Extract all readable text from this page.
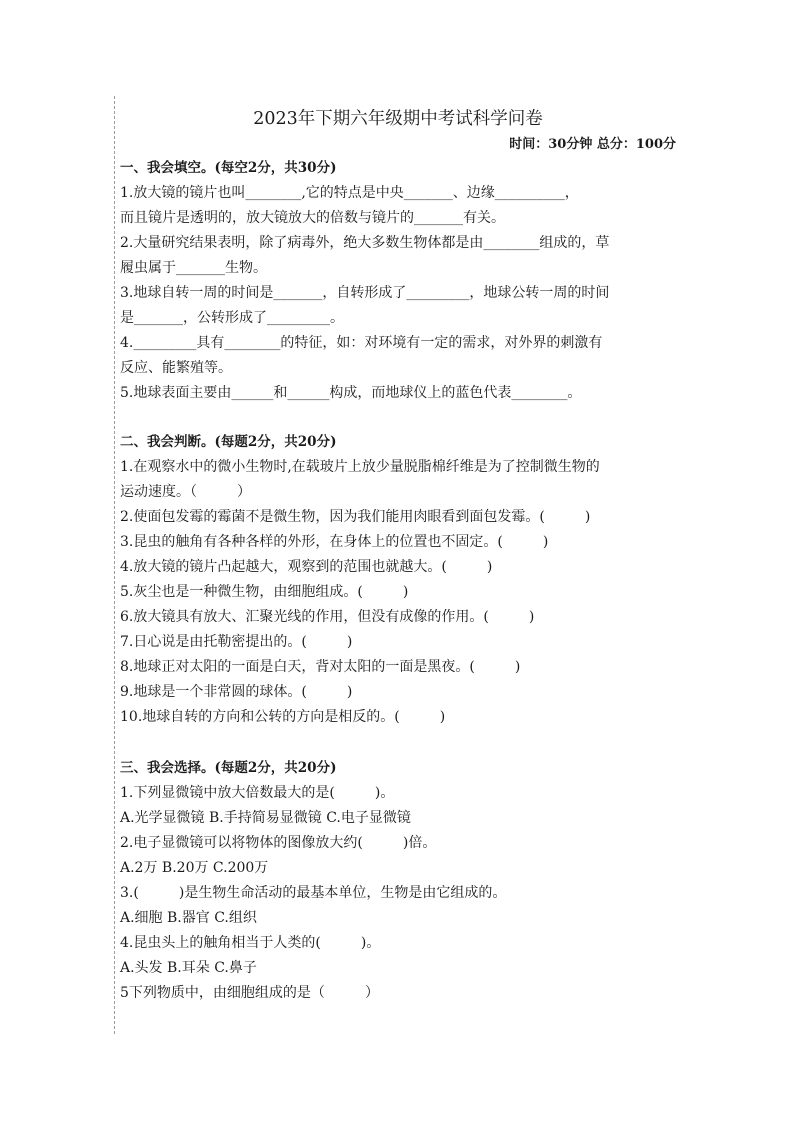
2023年下期六年级期中考试科学问卷
时间：30分钟 总分：100分
一、我会填空。(每空2分，共30分)

1.放大镜的镜片也叫________,它的特点是中央_______、边缘__________，

而且镜片是透明的，放大镜放大的倍数与镜片的_______有关。

2.大量研究结果表明，除了病毒外，绝大多数生物体都是由________组成的，草

履虫属于_______生物。

3.地球自转一周的时间是_______，自转形成了_________，地球公转一周的时间

是_______，公转形成了_________。

4._________具有________的特征，如：对环境有一定的需求，对外界的刺激有

反应、能繁殖等。

5.地球表面主要由______和______构成，而地球仪上的蓝色代表________。

二、我会判断。(每题2分，共20分)

1.在观察水中的微小生物时,在载玻片上放少量脱脂棉纤维是为了控制微生物的

运动速度。（         ）

2.使面包发霉的霉菌不是微生物，因为我们能用肉眼看到面包发霉。(         )

3.昆虫的触角有各种各样的外形，在身体上的位置也不固定。(         )

4.放大镜的镜片凸起越大，观察到的范围也就越大。(         )

5.灰尘也是一种微生物，由细胞组成。(         )

6.放大镜具有放大、汇聚光线的作用，但没有成像的作用。(         )

7.日心说是由托勒密提出的。(         )

8.地球正对太阳的一面是白天，背对太阳的一面是黑夜。(         )

9.地球是一个非常圆的球体。(         )

10.地球自转的方向和公转的方向是相反的。(         )

三、我会选择。(每题2分，共20分)

1.下列显微镜中放大倍数最大的是(         )。

A.光学显微镜 B.手持简易显微镜 C.电子显微镜

2.电子显微镜可以将物体的图像放大约(         )倍。

A.2万 B.20万 C.200万

3.(         )是生物生命活动的最基本单位，生物是由它组成的。

A.细胞 B.器官 C.组织

4.昆虫头上的触角相当于人类的(         )。

A.头发 B.耳朵 C.鼻子

5下列物质中，由细胞组成的是（         ）
